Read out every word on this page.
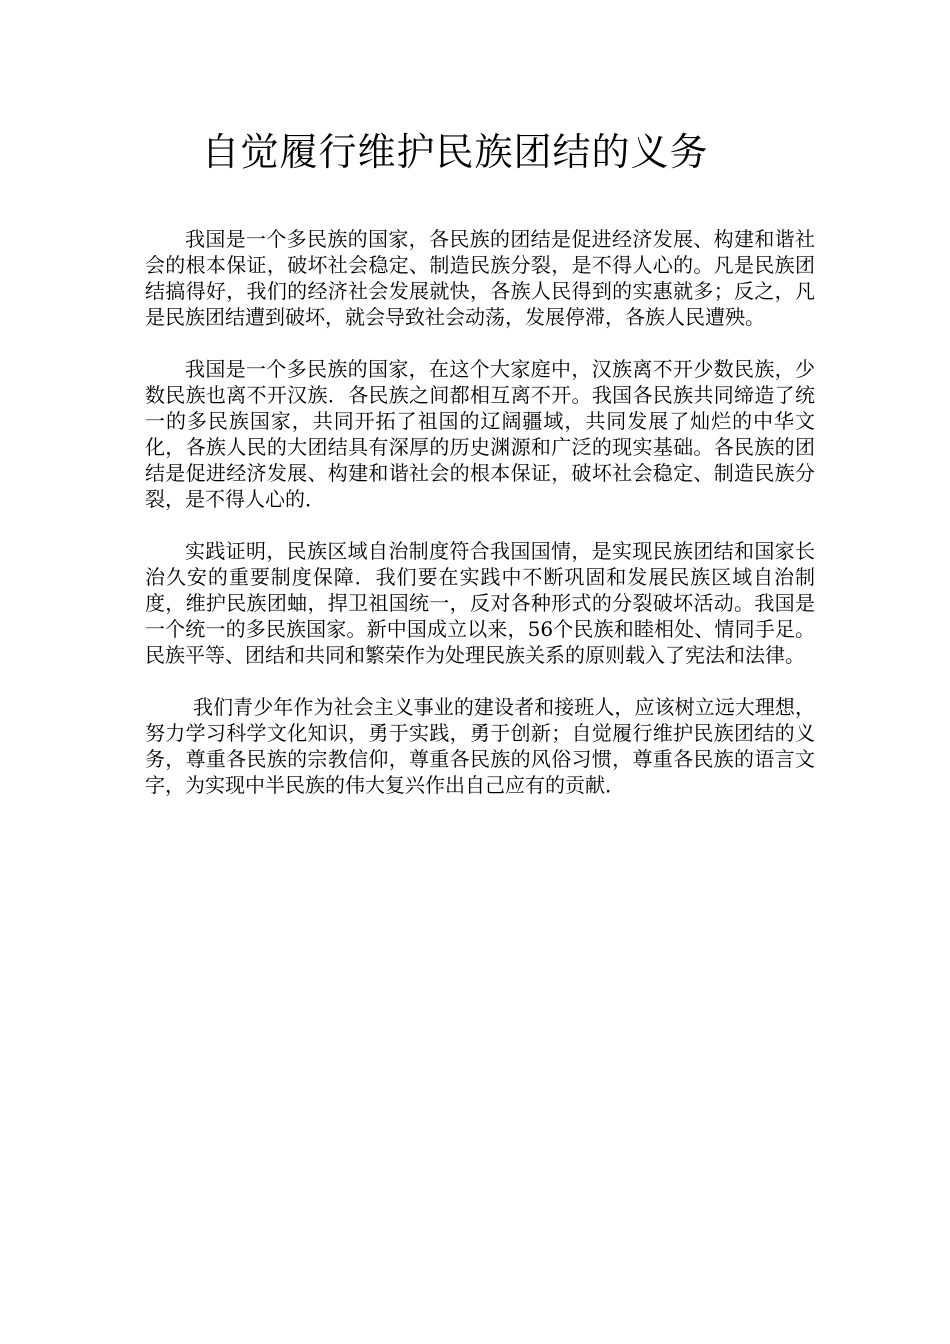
自觉履行维护民族团结的义务

我国是一个多民族的国家，各民族的团结是促进经济发展、构建和谐社会的根本保证，破坏社会稳定、制造民族分裂，是不得人心的。凡是民族团结搞得好，我们的经济社会发展就快，各族人民得到的实惠就多；反之，凡是民族团结遭到破坏，就会导致社会动荡，发展停滞，各族人民遭殃。

我国是一个多民族的国家，在这个大家庭中，汉族离不开少数民族，少数民族也离不开汉族．各民族之间都相互离不开。我国各民族共同缔造了统一的多民族国家，共同开拓了祖国的辽阔疆域，共同发展了灿烂的中华文化，各族人民的大团结具有深厚的历史渊源和广泛的现实基础。各民族的团结是促进经济发展、构建和谐社会的根本保证，破坏社会稳定、制造民族分裂，是不得人心的．

实践证明，民族区域自治制度符合我国国情，是实现民族团结和国家长治久安的重要制度保障．我们要在实践中不断巩固和发展民族区域自治制度，维护民族团蚰，捍卫祖国统一，反对各种形式的分裂破坏活动。我国是一个统一的多民族国家。新中国成立以来，56个民族和睦相处、情同手足。民族平等、团结和共同和繁荣作为处理民族关系的原则载入了宪法和法律。

我们青少年作为社会主义事业的建设者和接班人，应该树立远大理想，努力学习科学文化知识，勇于实践，勇于创新；自觉履行维护民族团结的义务，尊重各民族的宗教信仰，尊重各民族的风俗习惯，尊重各民族的语言文字，为实现中半民族的伟大复兴作出自己应有的贡献．
